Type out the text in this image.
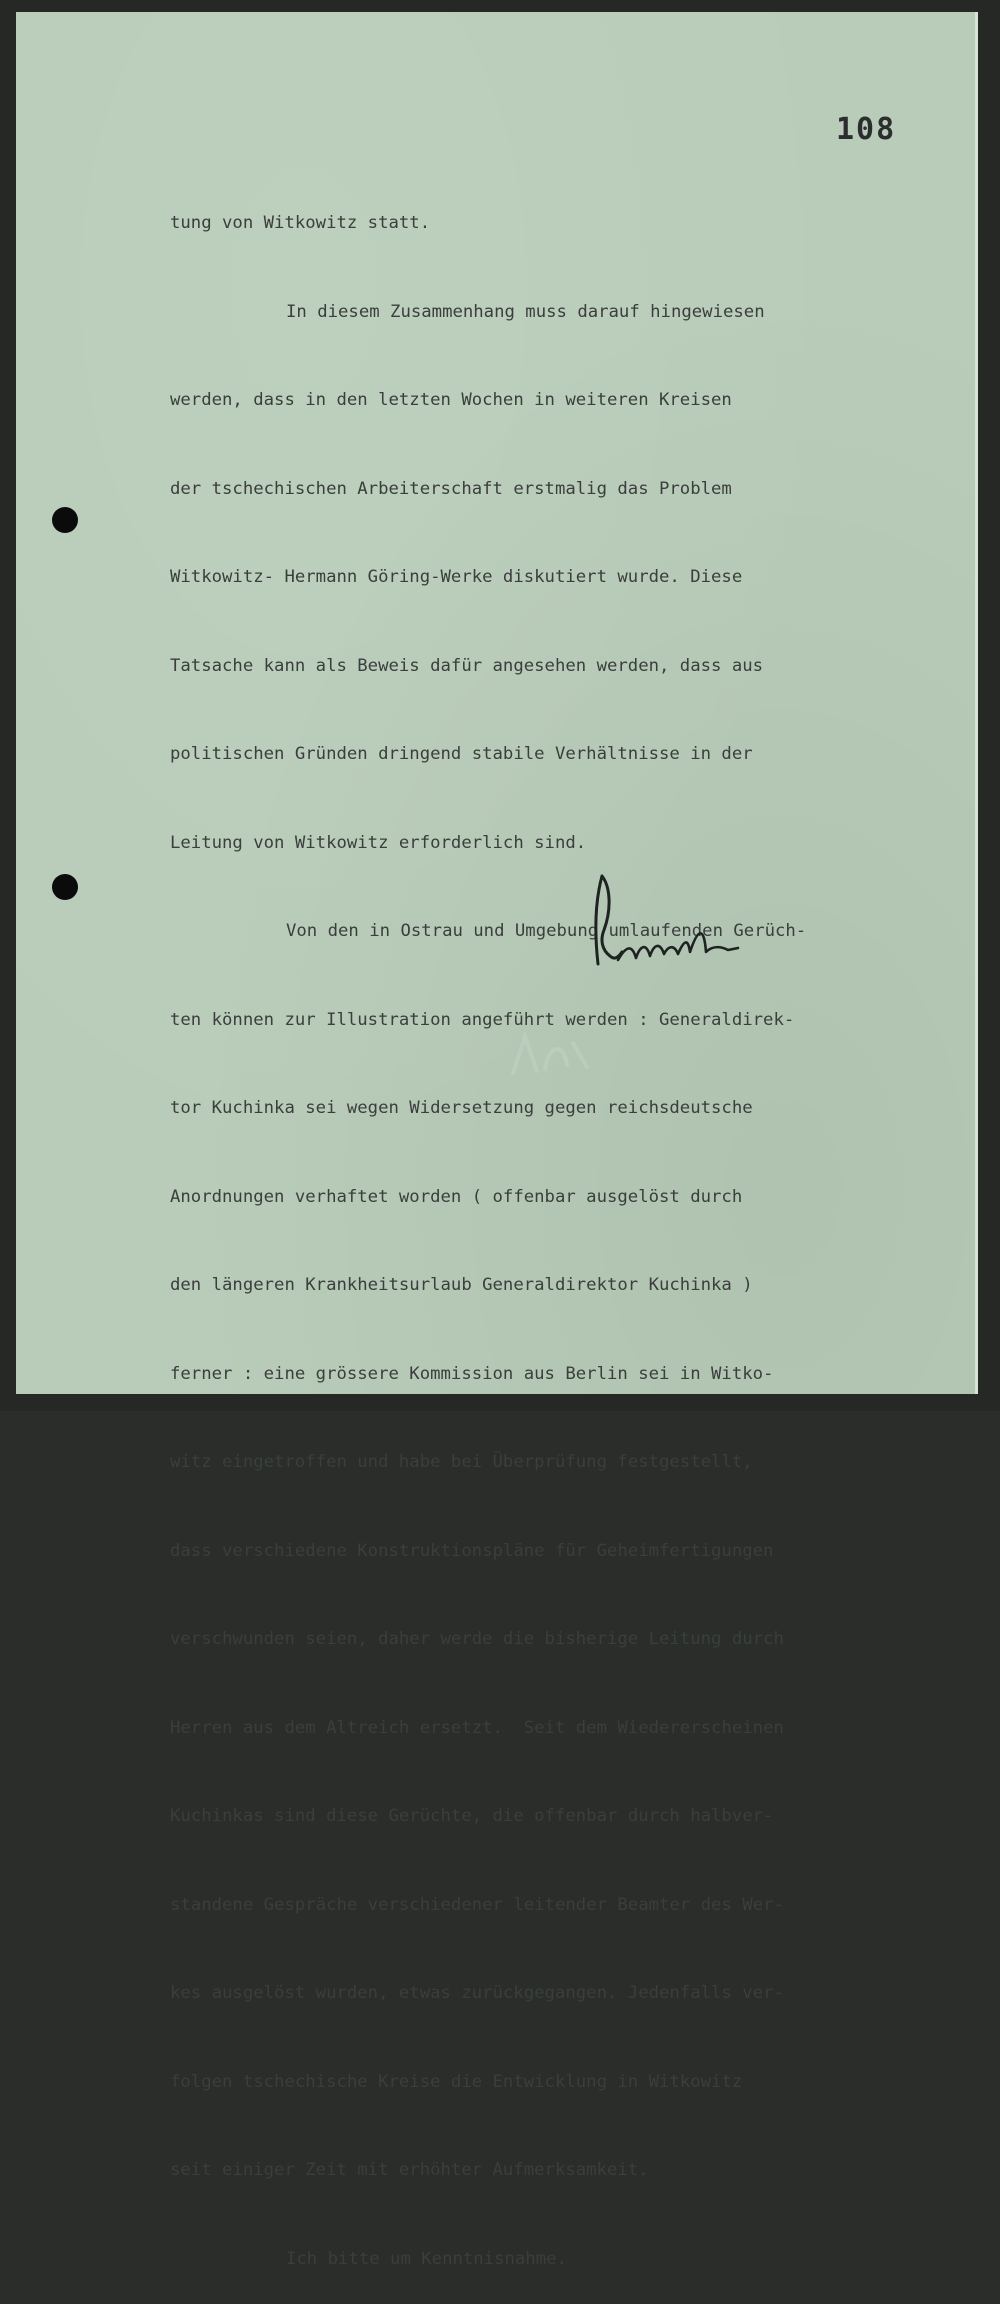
108

tung von Witkowitz statt.

In diesem Zusammenhang muss darauf hingewiesen

werden, dass in den letzten Wochen in weiteren Kreisen

der tschechischen Arbeiterschaft erstmalig das Problem

Witkowitz- Hermann Göring-Werke diskutiert wurde. Diese

Tatsache kann als Beweis dafür angesehen werden, dass aus

politischen Gründen dringend stabile Verhältnisse in der

Leitung von Witkowitz erforderlich sind.

Von den in Ostrau und Umgebung umlaufenden Gerüch-

ten können zur Illustration angeführt werden : Generaldirek-

tor Kuchinka sei wegen Widersetzung gegen reichsdeutsche

Anordnungen verhaftet worden ( offenbar ausgelöst durch

den längeren Krankheitsurlaub Generaldirektor Kuchinka )

ferner : eine grössere Kommission aus Berlin sei in Witko-

witz eingetroffen und habe bei Überprüfung festgestellt,

dass verschiedene Konstruktionspläne für Geheimfertigungen

verschwunden seien, daher werde die bisherige Leitung durch

Herren aus dem Altreich ersetzt.  Seit dem Wiedererscheinen

Kuchinkas sind diese Gerüchte, die offenbar durch halbver-

standene Gespräche verschiedener leitender Beamter des Wer-

kes ausgelöst wurden, etwas zurückgegangen. Jedenfalls ver-

folgen tschechische Kreise die Entwicklung in Witkowitz

seit einiger Zeit mit erhöhter Aufmerksamkeit.

Ich bitte um Kenntnisnahme.
